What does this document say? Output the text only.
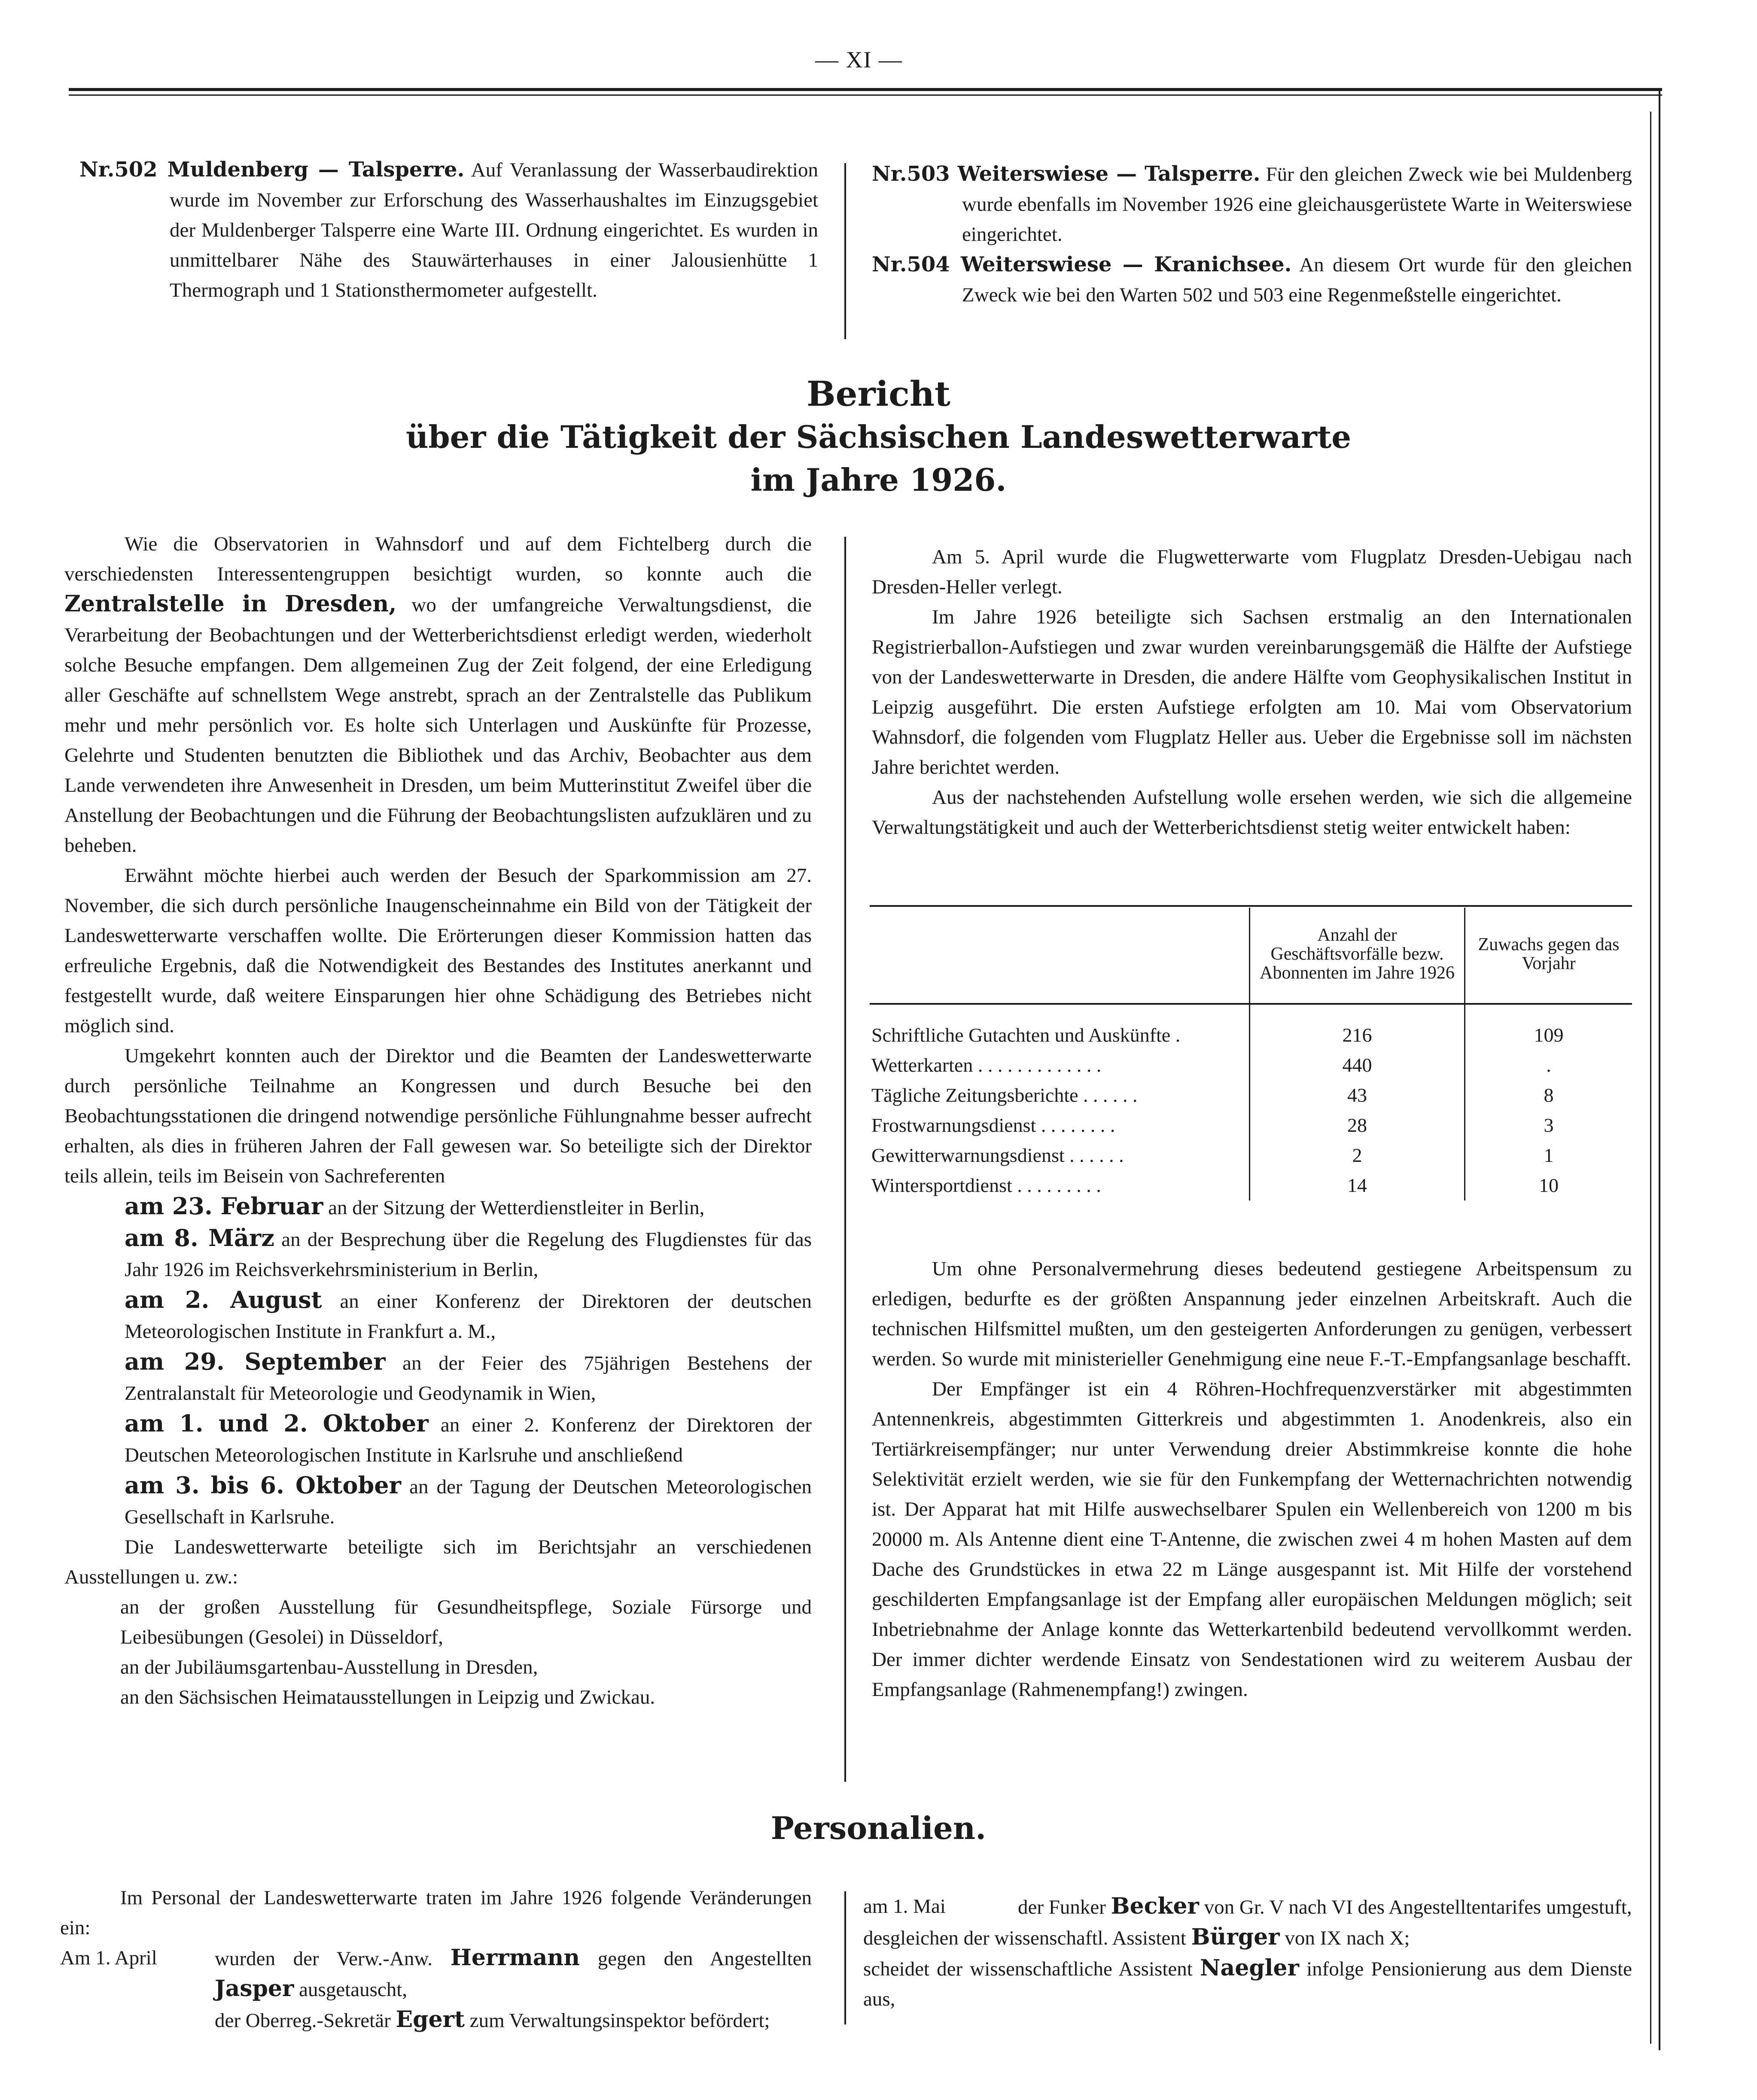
— XI —

Nr.502 Muldenberg — Talsperre. Auf Veranlassung der Wasserbaudirektion wurde im November zur Erforschung des Wasserhaushaltes im Einzugsgebiet der Muldenberger Talsperre eine Warte III. Ordnung eingerichtet. Es wurden in unmittelbarer Nähe des Stauwärterhauses in einer Jalousienhütte 1 Thermograph und 1 Stationsthermometer aufgestellt.

Nr.503 Weiterswiese — Talsperre. Für den gleichen Zweck wie bei Muldenberg wurde ebenfalls im November 1926 eine gleichausgerüstete Warte in Weiterswiese eingerichtet.

Nr.504 Weiterswiese — Kranichsee. An diesem Ort wurde für den gleichen Zweck wie bei den Warten 502 und 503 eine Regenmeßstelle eingerichtet.

Bericht
über die Tätigkeit der Sächsischen Landeswetterwarte
im Jahre 1926.

Wie die Observatorien in Wahnsdorf und auf dem Fichtelberg durch die verschiedensten Interessentengruppen besichtigt wurden, so konnte auch die Zentralstelle in Dresden, wo der umfangreiche Verwaltungsdienst, die Verarbeitung der Beobachtungen und der Wetterberichtsdienst erledigt werden, wiederholt solche Besuche empfangen. Dem allgemeinen Zug der Zeit folgend, der eine Erledigung aller Geschäfte auf schnellstem Wege anstrebt, sprach an der Zentralstelle das Publikum mehr und mehr persönlich vor. Es holte sich Unterlagen und Auskünfte für Prozesse, Gelehrte und Studenten benutzten die Bibliothek und das Archiv, Beobachter aus dem Lande verwendeten ihre Anwesenheit in Dresden, um beim Mutterinstitut Zweifel über die Anstellung der Beobachtungen und die Führung der Beobachtungslisten aufzuklären und zu beheben.

Erwähnt möchte hierbei auch werden der Besuch der Sparkommission am 27. November, die sich durch persönliche Inaugenscheinnahme ein Bild von der Tätigkeit der Landeswetterwarte verschaffen wollte. Die Erörterungen dieser Kommission hatten das erfreuliche Ergebnis, daß die Notwendigkeit des Bestandes des Institutes anerkannt und festgestellt wurde, daß weitere Einsparungen hier ohne Schädigung des Betriebes nicht möglich sind.

Umgekehrt konnten auch der Direktor und die Beamten der Landeswetterwarte durch persönliche Teilnahme an Kongressen und durch Besuche bei den Beobachtungsstationen die dringend notwendige persönliche Fühlungnahme besser aufrecht erhalten, als dies in früheren Jahren der Fall gewesen war. So beteiligte sich der Direktor teils allein, teils im Beisein von Sachreferenten

am 23. Februar an der Sitzung der Wetterdienstleiter in Berlin,

am 8. März an der Besprechung über die Regelung des Flugdienstes für das Jahr 1926 im Reichsverkehrsministerium in Berlin,

am 2. August an einer Konferenz der Direktoren der deutschen Meteorologischen Institute in Frankfurt a. M.,

am 29. September an der Feier des 75jährigen Bestehens der Zentralanstalt für Meteorologie und Geodynamik in Wien,

am 1. und 2. Oktober an einer 2. Konferenz der Direktoren der Deutschen Meteorologischen Institute in Karlsruhe und anschließend

am 3. bis 6. Oktober an der Tagung der Deutschen Meteorologischen Gesellschaft in Karlsruhe.

Die Landeswetterwarte beteiligte sich im Berichtsjahr an verschiedenen Ausstellungen u. zw.:

an der großen Ausstellung für Gesundheitspflege, Soziale Fürsorge und Leibesübungen (Gesolei) in Düsseldorf,

an der Jubiläumsgartenbau-Ausstellung in Dresden,

an den Sächsischen Heimatausstellungen in Leipzig und Zwickau.

Am 5. April wurde die Flugwetterwarte vom Flugplatz Dresden-Uebigau nach Dresden-Heller verlegt.

Im Jahre 1926 beteiligte sich Sachsen erstmalig an den Internationalen Registrierballon-Aufstiegen und zwar wurden vereinbarungsgemäß die Hälfte der Aufstiege von der Landeswetterwarte in Dresden, die andere Hälfte vom Geophysikalischen Institut in Leipzig ausgeführt. Die ersten Aufstiege erfolgten am 10. Mai vom Observatorium Wahnsdorf, die folgenden vom Flugplatz Heller aus. Ueber die Ergebnisse soll im nächsten Jahre berichtet werden.

Aus der nachstehenden Aufstellung wolle ersehen werden, wie sich die allgemeine Verwaltungstätigkeit und auch der Wetterberichtsdienst stetig weiter entwickelt haben:

	Anzahl der Geschäftsvorfälle bezw. Abonnenten im Jahre 1926	Zuwachs gegen das Vorjahr
Schriftliche Gutachten und Auskünfte .	216	109
Wetterkarten . . . . . . . . . . . . .	440	.
Tägliche Zeitungsberichte . . . . . .	43	8
Frostwarnungsdienst . . . . . . . .	28	3
Gewitterwarnungsdienst . . . . . .	2	1
Wintersportdienst . . . . . . . . .	14	10

Um ohne Personalvermehrung dieses bedeutend gestiegene Arbeitspensum zu erledigen, bedurfte es der größten Anspannung jeder einzelnen Arbeitskraft. Auch die technischen Hilfsmittel mußten, um den gesteigerten Anforderungen zu genügen, verbessert werden. So wurde mit ministerieller Genehmigung eine neue F.-T.-Empfangsanlage beschafft.

Der Empfänger ist ein 4 Röhren-Hochfrequenzverstärker mit abgestimmten Antennenkreis, abgestimmten Gitterkreis und abgestimmten 1. Anodenkreis, also ein Tertiärkreisempfänger; nur unter Verwendung dreier Abstimmkreise konnte die hohe Selektivität erzielt werden, wie sie für den Funkempfang der Wetternachrichten notwendig ist. Der Apparat hat mit Hilfe auswechselbarer Spulen ein Wellenbereich von 1200 m bis 20000 m. Als Antenne dient eine T-Antenne, die zwischen zwei 4 m hohen Masten auf dem Dache des Grundstückes in etwa 22 m Länge ausgespannt ist. Mit Hilfe der vorstehend geschilderten Empfangsanlage ist der Empfang aller europäischen Meldungen möglich; seit Inbetriebnahme der Anlage konnte das Wetterkartenbild bedeutend vervollkommt werden. Der immer dichter werdende Einsatz von Sendestationen wird zu weiterem Ausbau der Empfangsanlage (Rahmenempfang!) zwingen.

Personalien.

Im Personal der Landeswetterwarte traten im Jahre 1926 folgende Veränderungen ein:

Am 1. April	wurden der Verw.-Anw. Herrmann gegen den Angestellten Jasper ausgetauscht,

der Oberreg.-Sekretär Egert zum Verwaltungsinspektor befördert;

am 1. Mai	der Funker Becker von Gr. V nach VI des Angestelltentarifes umgestuft,

desgleichen der wissenschaftl. Assistent Bürger von IX nach X;

scheidet der wissenschaftliche Assistent Naegler infolge Pensionierung aus dem Dienste aus,
